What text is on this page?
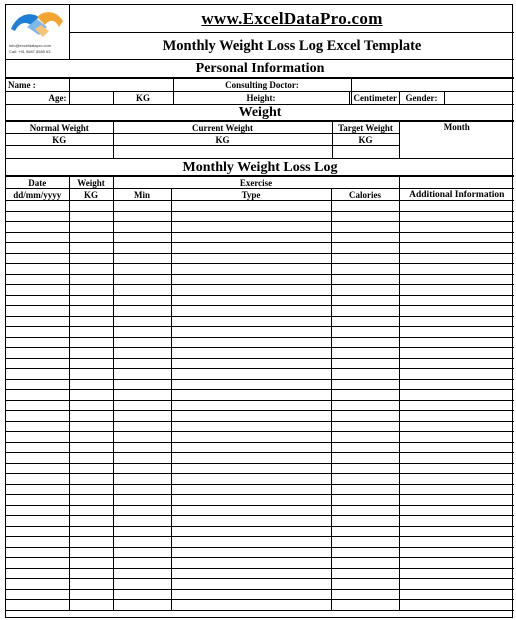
info@exceldatapro.com
Call: +91 9687 8585 63
www.ExcelDataPro.com
Monthly Weight Loss Log Excel Template
Personal Information
Name :			Consulting Doctor:				
Age:		KG	Height:		Centimeter	Gender:	
Weight
Normal Weight	Current Weight	Target Weight	Month
KG	KG	KG	

Monthly Weight Loss Log
Date	Weight	Exercise			
dd/mm/yyyy	KG	Min	Type	Calories	Additional Information
